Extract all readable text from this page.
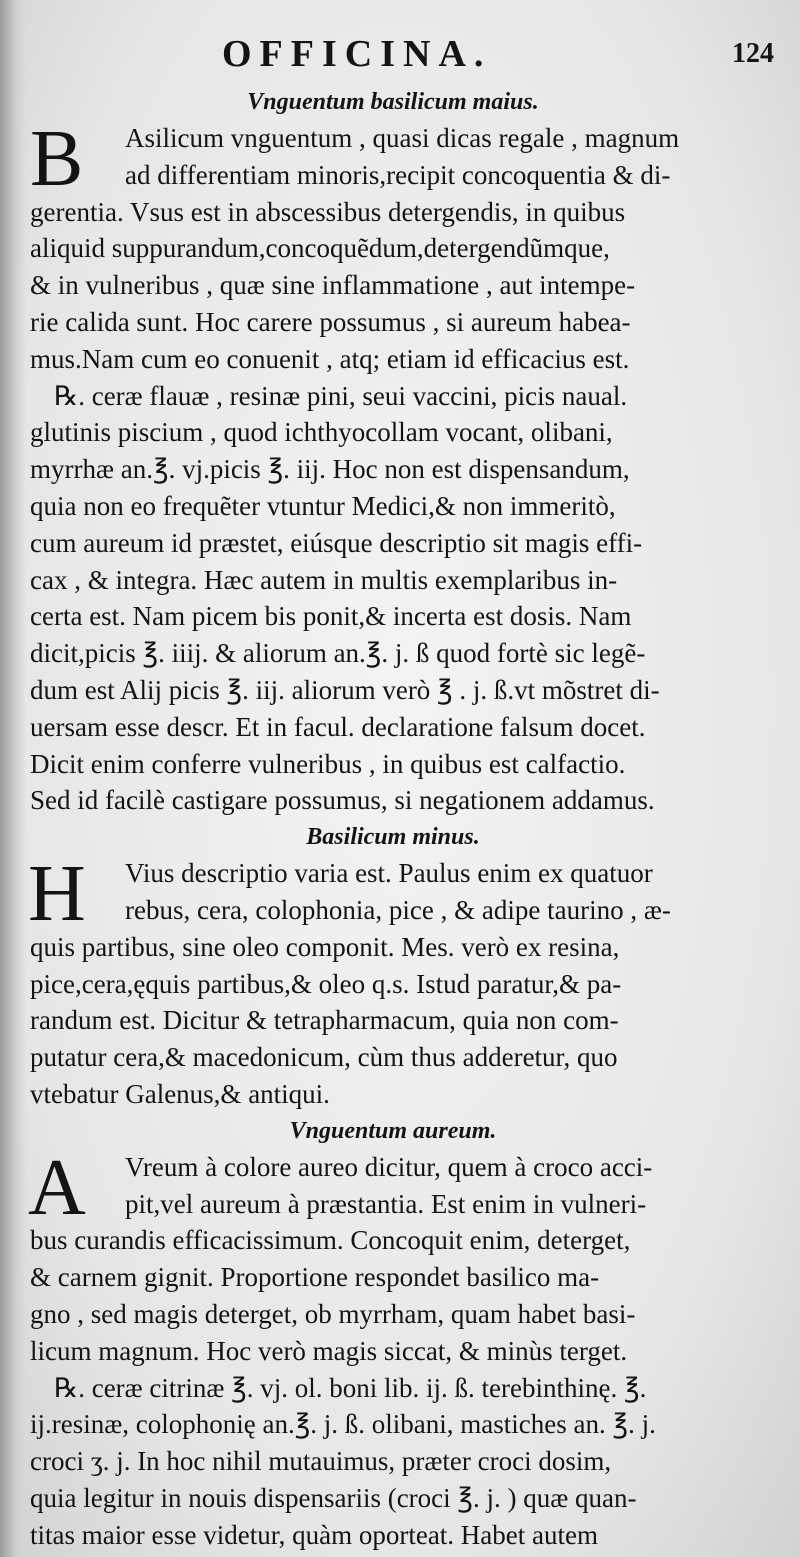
OFFICINA.	124
Vnguentum basilicum maius.
B	Asilicum vnguentum , quasi dicas regale , magnum
ad differentiam minoris,recipit concoquentia & di-
gerentia. Vsus est in abscessibus detergendis, in quibus
aliquid suppurandum,concoquẽdum,detergendũmque,
& in vulneribus , quæ sine inflammatione , aut intempe-
rie calida sunt. Hoc carere possumus , si aureum habea-
mus.Nam cum eo conuenit , atq; etiam id efficacius est.
℞. ceræ flauæ , resinæ pini, seui vaccini, picis naual.
glutinis piscium , quod ichthyocollam vocant, olibani,
myrrhæ an.℥. vj.picis ℥. iij. Hoc non est dispensandum,
quia non eo frequẽter vtuntur Medici,& non immeritò,
cum aureum id præstet, eiúsque descriptio sit magis effi-
cax , & integra. Hæc autem in multis exemplaribus in-
certa est. Nam picem bis ponit,& incerta est dosis. Nam
dicit,picis ℥. iiij. & aliorum an.℥. j. ß quod fortè sic legẽ-
dum est Alij picis ℥. iij. aliorum verò ℥ . j. ß.vt mõstret di-
uersam esse descr. Et in facul. declaratione falsum docet.
Dicit enim conferre vulneribus , in quibus est calfactio.
Sed id facilè castigare possumus, si negationem addamus.
Basilicum minus.
H	Vius descriptio varia est. Paulus enim ex quatuor
rebus, cera, colophonia, pice , & adipe taurino , æ-
quis partibus, sine oleo componit. Mes. verò ex resina,
pice,cera,ęquis partibus,& oleo q.s. Istud paratur,& pa-
randum est. Dicitur & tetrapharmacum, quia non com-
putatur cera,& macedonicum, cùm thus adderetur, quo
vtebatur Galenus,& antiqui.
Vnguentum aureum.
A	Vreum à colore aureo dicitur, quem à croco acci-
pit,vel aureum à præstantia. Est enim in vulneri-
bus curandis efficacissimum. Concoquit enim, deterget,
& carnem gignit. Proportione respondet basilico ma-
gno , sed magis deterget, ob myrrham, quam habet basi-
licum magnum. Hoc verò magis siccat, & minùs terget.
℞. ceræ citrinæ ℥. vj. ol. boni lib. ij. ß. terebinthinę. ℥.
ij.resinæ, colophonię an.℥. j. ß. olibani, mastiches an. ℥. j.
croci ʒ. j. In hoc nihil mutauimus, præter croci dosim,
quia legitur in nouis dispensariis (croci ℥. j. ) quæ quan-
titas maior esse videtur, quàm oporteat. Habet autem
